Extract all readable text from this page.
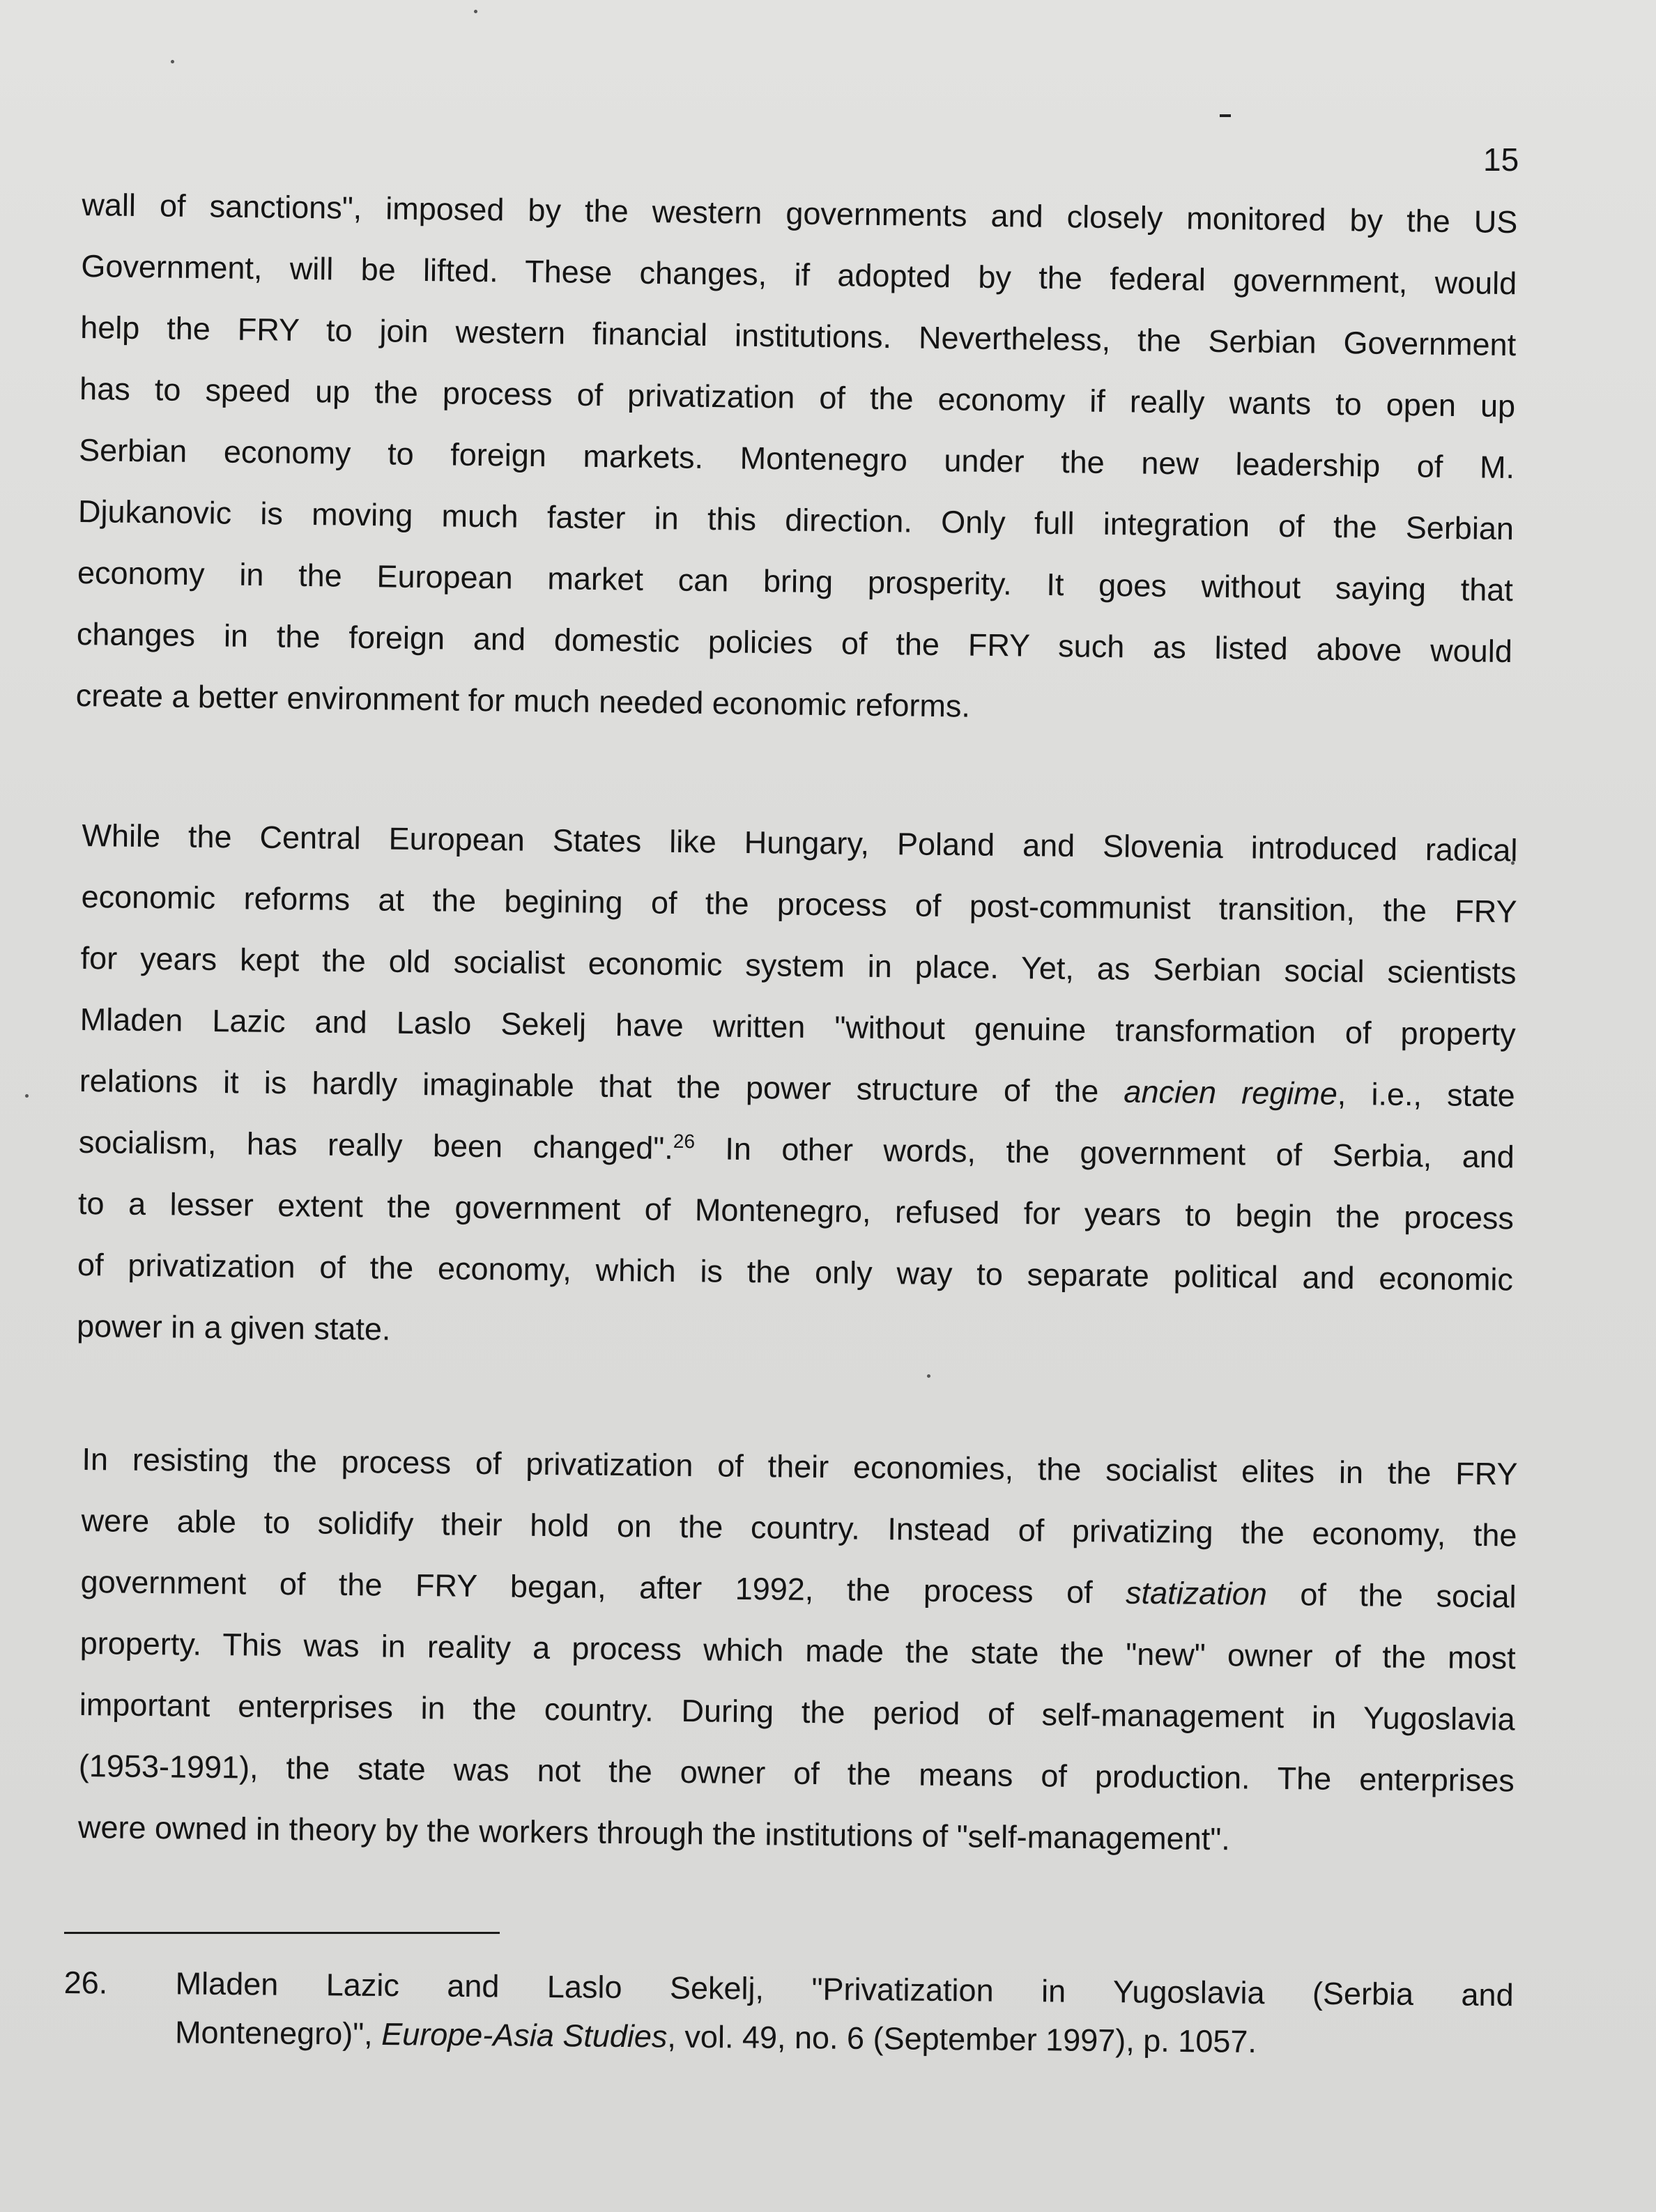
15
wall of sanctions", imposed by the western governments and closely monitored by the US
Government, will be lifted. These changes, if adopted by the federal government, would
help the FRY to join western financial institutions. Nevertheless, the Serbian Government
has to speed up the process of privatization of the economy if really wants to open up
Serbian economy to foreign markets. Montenegro under the new leadership of M.
Djukanovic is moving much faster in this direction. Only full integration of the Serbian
economy in the European market can bring prosperity. It goes without saying that
changes in the foreign and domestic policies of the FRY such as listed above would
create a better environment for much needed economic reforms.
While the Central European States like Hungary, Poland and Slovenia introduced radical
economic reforms at the begining of the process of post-communist transition, the FRY
for years kept the old socialist economic system in place. Yet, as Serbian social scientists
Mladen Lazic and Laslo Sekelj have written "without genuine transformation of property
relations it is hardly imaginable that the power structure of the ancien regime, i.e., state
socialism, has really been changed".$^{26}$ In other words, the government of Serbia, and
to a lesser extent the government of Montenegro, refused for years to begin the process
of privatization of the economy, which is the only way to separate political and economic
power in a given state.
In resisting the process of privatization of their economies, the socialist elites in the FRY
were able to solidify their hold on the country. Instead of privatizing the economy, the
government of the FRY began, after 1992, the process of statization of the social
property. This was in reality a process which made the state the "new" owner of the most
important enterprises in the country. During the period of self-management in Yugoslavia
(1953-1991), the state was not the owner of the means of production. The enterprises
were owned in theory by the workers through the institutions of "self-management".
26. Mladen Lazic and Laslo Sekelj, "Privatization in Yugoslavia (Serbia and
Montenegro)", Europe-Asia Studies, vol. 49, no. 6 (September 1997), p. 1057.
